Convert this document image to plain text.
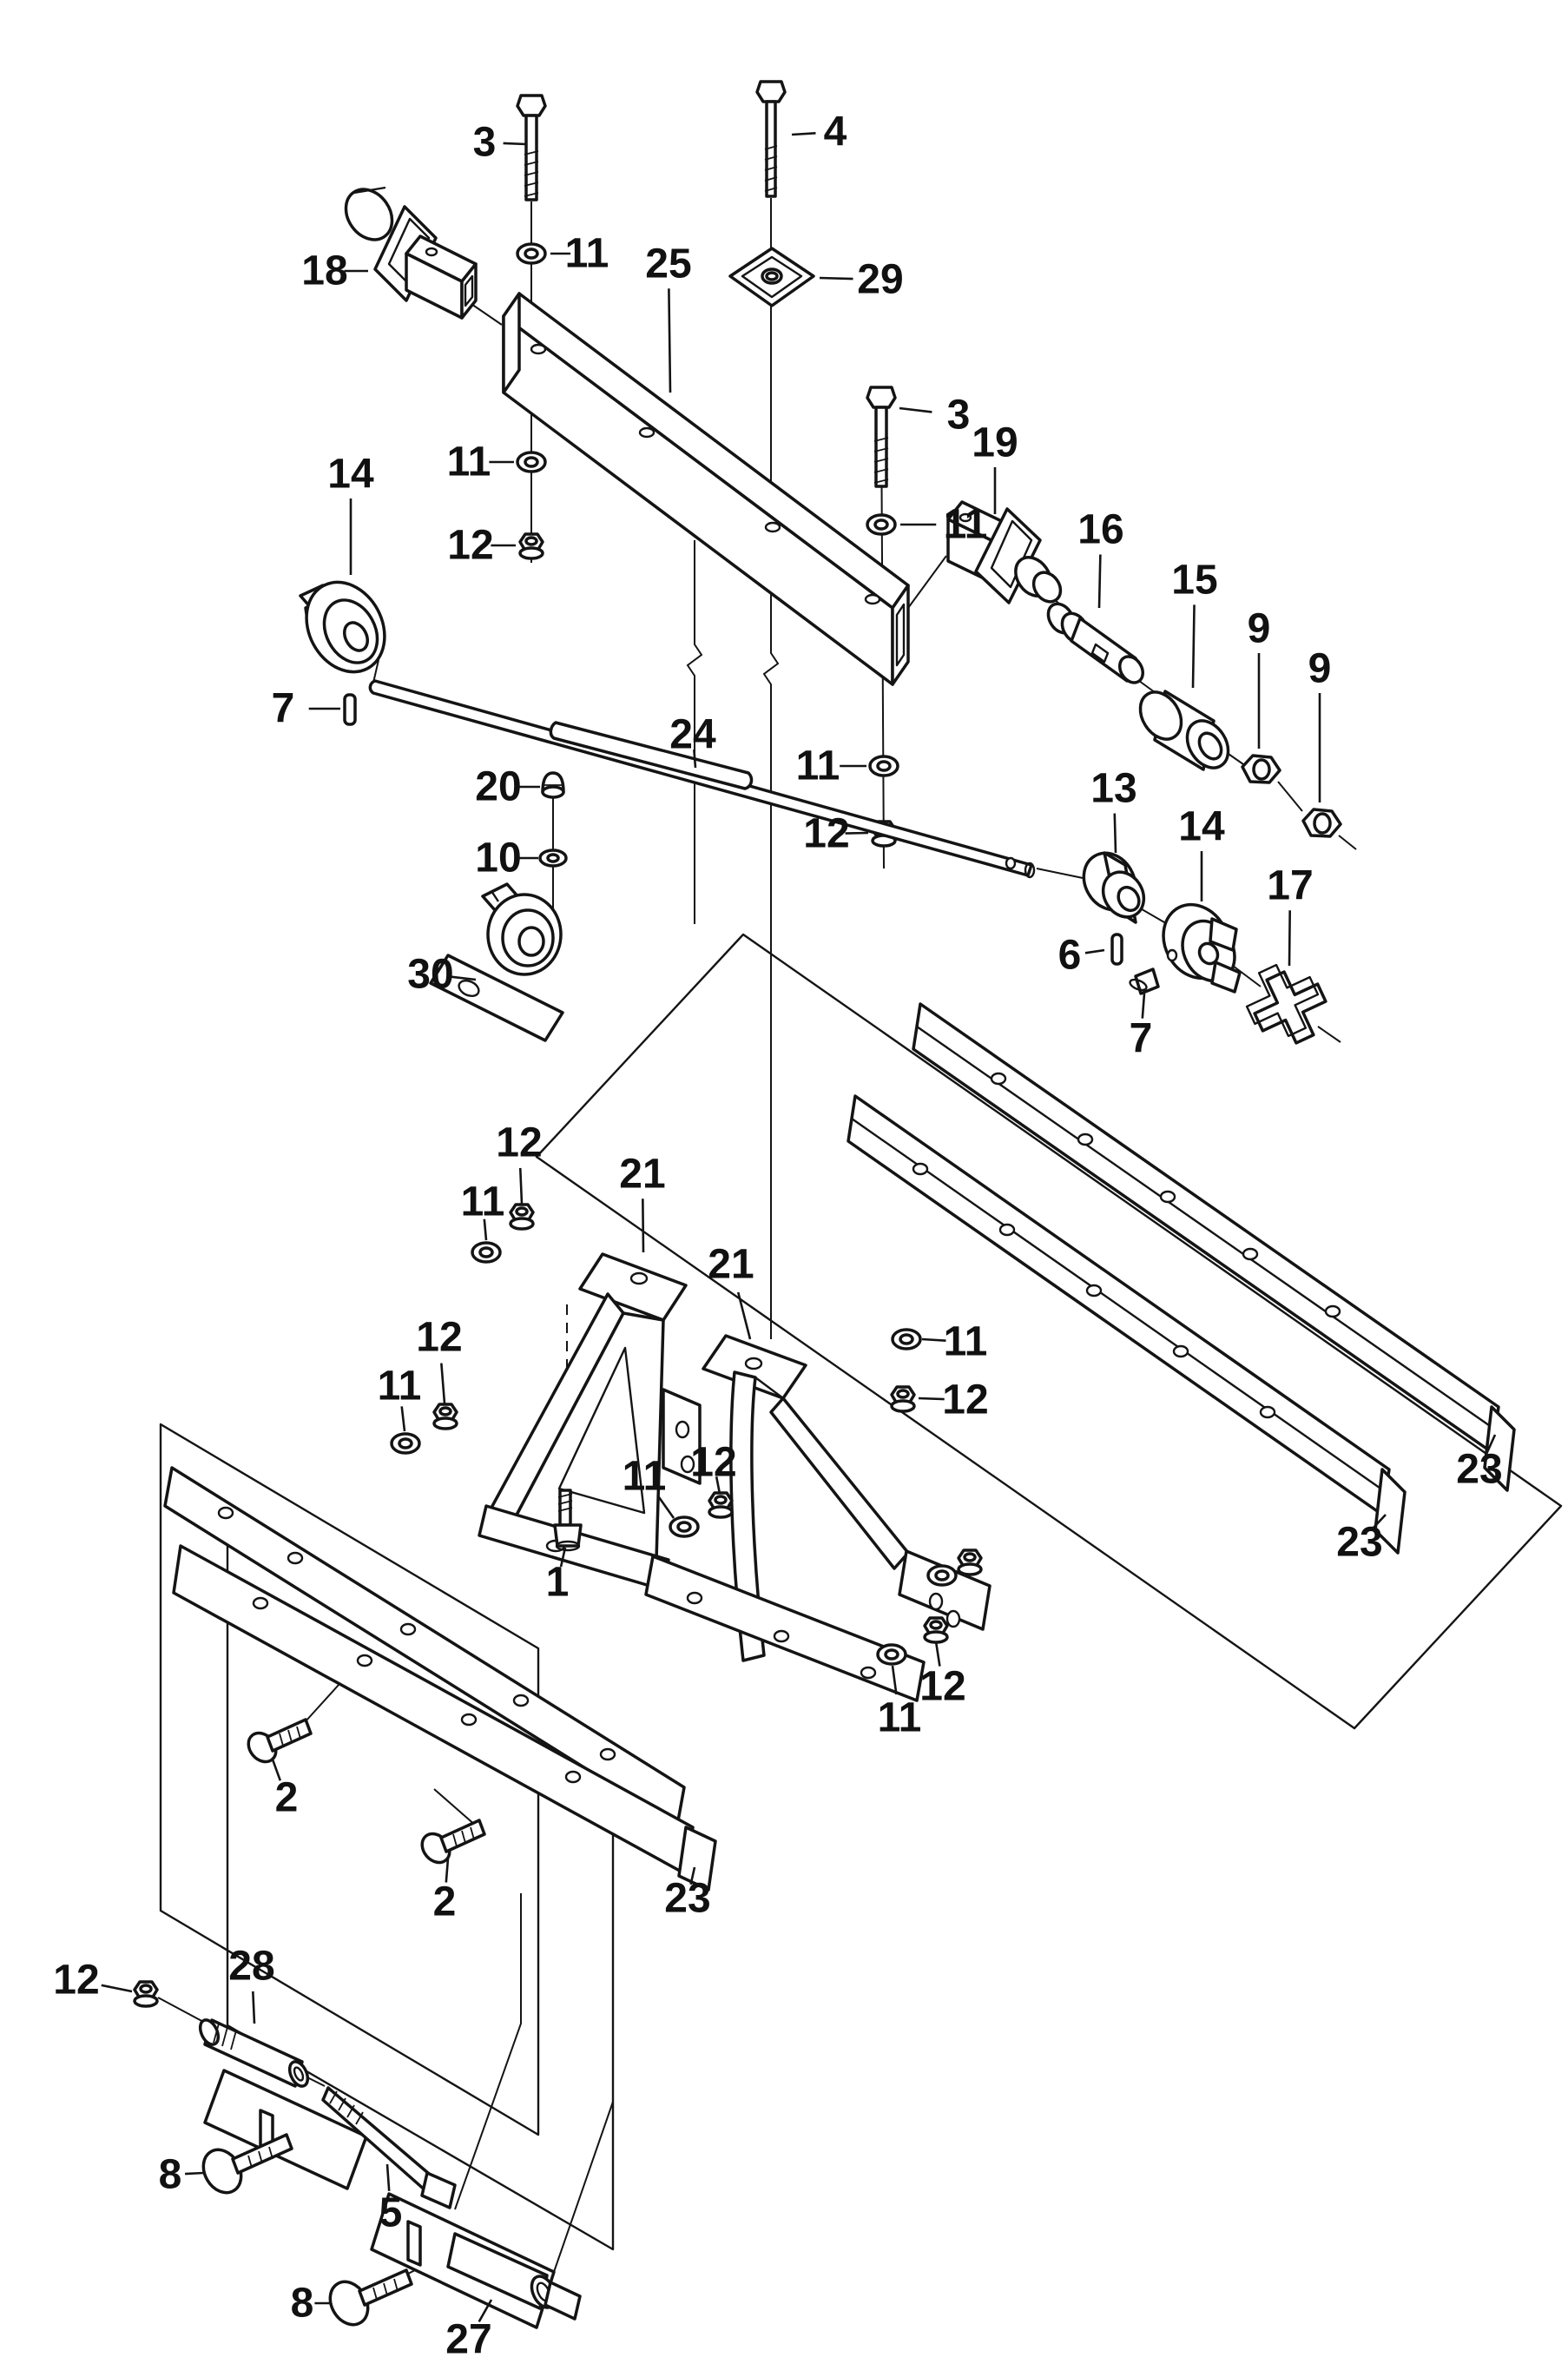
3	4
18	11 25	29
3
11
14 11
12
7
24
11
12
19
16
15
9
9
20
10
30
13
14
17
6
7
12
11
21
12
11
21
11
12
12
11
1
11
12
2
2	23
23
23
12	28
8
5
8
27
